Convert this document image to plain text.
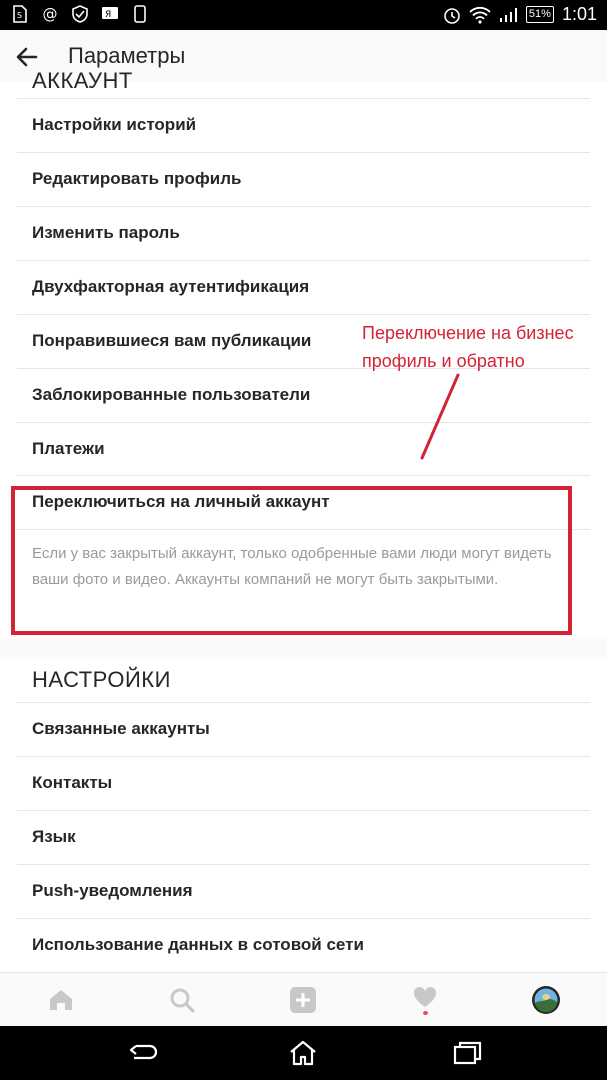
S @	Я	51% 1:01
Параметры
АККАУНТ
Настройки историй
Редактировать профиль
Изменить пароль
Двухфакторная аутентификация
Понравившиеся вам публикации
Заблокированные пользователи
Платежи
Переключиться на личный аккаунт
Если у вас закрытый аккаунт, только одобренные вами люди могут видеть ваши фото и видео. Аккаунты компаний не могут быть закрытыми.
НАСТРОЙКИ
Связанные аккаунты
Контакты
Язык
Push-уведомления
Использование данных в сотовой сети
Переключение на бизнес
профиль и обратно
